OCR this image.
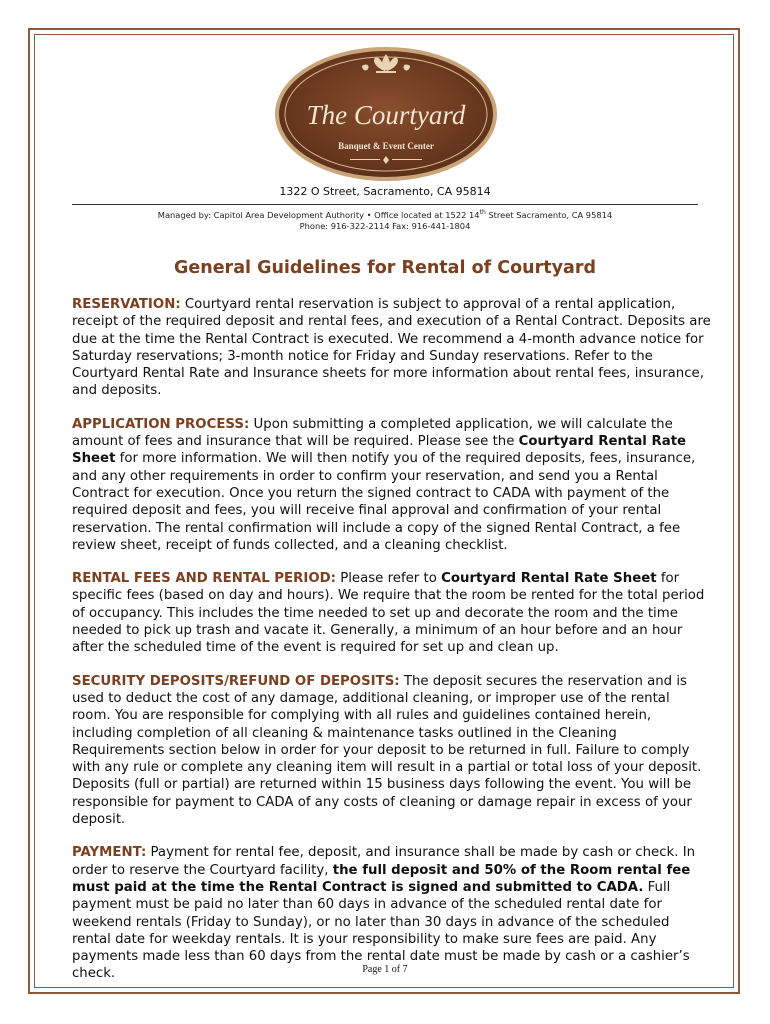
The Courtyard
Banquet & Event Center
1322 O Street, Sacramento, CA 95814
Managed by: Capitol Area Development Authority • Office located at 1522 14th Street Sacramento, CA 95814
Phone: 916-322-2114 Fax: 916-441-1804
General Guidelines for Rental of Courtyard

RESERVATION: Courtyard rental reservation is subject to approval of a rental application, receipt of the required deposit and rental fees, and execution of a Rental Contract. Deposits are due at the time the Rental Contract is executed. We recommend a 4-month advance notice for Saturday reservations; 3-month notice for Friday and Sunday reservations. Refer to the Courtyard Rental Rate and Insurance sheets for more information about rental fees, insurance, and deposits.

APPLICATION PROCESS: Upon submitting a completed application, we will calculate the amount of fees and insurance that will be required. Please see the Courtyard Rental Rate Sheet for more information. We will then notify you of the required deposits, fees, insurance, and any other requirements in order to confirm your reservation, and send you a Rental Contract for execution. Once you return the signed contract to CADA with payment of the required deposit and fees, you will receive final approval and confirmation of your rental reservation. The rental confirmation will include a copy of the signed Rental Contract, a fee review sheet, receipt of funds collected, and a cleaning checklist.

RENTAL FEES AND RENTAL PERIOD: Please refer to Courtyard Rental Rate Sheet for specific fees (based on day and hours). We require that the room be rented for the total period of occupancy. This includes the time needed to set up and decorate the room and the time needed to pick up trash and vacate it. Generally, a minimum of an hour before and an hour after the scheduled time of the event is required for set up and clean up.

SECURITY DEPOSITS/REFUND OF DEPOSITS: The deposit secures the reservation and is used to deduct the cost of any damage, additional cleaning, or improper use of the rental room. You are responsible for complying with all rules and guidelines contained herein, including completion of all cleaning & maintenance tasks outlined in the Cleaning Requirements section below in order for your deposit to be returned in full. Failure to comply with any rule or complete any cleaning item will result in a partial or total loss of your deposit. Deposits (full or partial) are returned within 15 business days following the event. You will be responsible for payment to CADA of any costs of cleaning or damage repair in excess of your deposit.

PAYMENT: Payment for rental fee, deposit, and insurance shall be made by cash or check. In order to reserve the Courtyard facility, the full deposit and 50% of the Room rental fee must paid at the time the Rental Contract is signed and submitted to CADA. Full payment must be paid no later than 60 days in advance of the scheduled rental date for weekend rentals (Friday to Sunday), or no later than 30 days in advance of the scheduled rental date for weekday rentals. It is your responsibility to make sure fees are paid. Any payments made less than 60 days from the rental date must be made by cash or a cashier’s check.	Page 1 of 7
